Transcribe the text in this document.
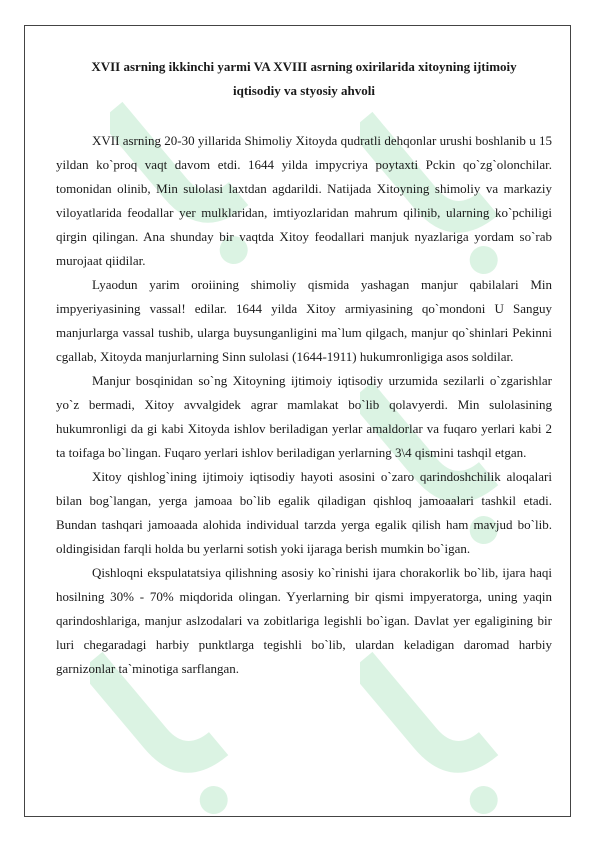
XVII asrning ikkinchi yarmi VA XVIII asrning oxirilarida xitoyning ijtimoiy
iqtisodiy va styosiy ahvoli

XVII asrning 20-30 yillarida Shimoliy Xitoyda qudratli dehqonlar urushi boshlanib u 15 yildan ko`proq vaqt davom etdi. 1644 yilda impycriya poytaxti Pckin qo`zg`olonchilar. tomonidan olinib, Min sulolasi laxtdan agdarildi. Natijada Xitoyning shimoliy va markaziy viloyatlarida feodallar yer mulklaridan, imtiyozlaridan mahrum qilinib, ularning ko`pchiligi qirgin qilingan. Ana shunday bir vaqtda Xitoy feodallari manjuk nyazlariga yordam so`rab murojaat qiidilar.

Lyaodun yarim oroiining shimoliy qismida yashagan manjur qabilalari Min impyeriyasining vassal! edilar. 1644 yilda Xitoy armiyasining qo`mondoni U Sanguy manjurlarga vassal tushib, ularga buysunganligini ma`lum qilgach, manjur qo`shinlari Pekinni cgallab, Xitoyda manjurlarning Sinn sulolasi (1644-1911) hukumronligiga asos soldilar.

Manjur bosqinidan so`ng Xitoyning ijtimoiy iqtisodiy urzumida sezilarli o`zgarishlar yo`z bermadi, Xitoy avvalgidek agrar mamlakat bo`lib qolavyerdi. Min sulolasining hukumronligi da gi kabi Xitoyda ishlov beriladigan yerlar amaldorlar va fuqaro yerlari kabi 2 ta toifaga bo`lingan. Fuqaro yerlari ishlov beriladigan yerlarning 3\4 qismini tashqil etgan.

Xitoy qishlog`ining ijtimoiy iqtisodiy hayoti asosini o`zaro qarindoshchilik aloqalari bilan bog`langan, yerga jamoaa bo`lib egalik qiladigan qishloq jamoaalari tashkil etadi. Bundan tashqari jamoaada alohida individual tarzda yerga egalik qilish ham mavjud bo`lib. oldingisidan farqli holda bu yerlarni sotish yoki ijaraga berish mumkin bo`igan.

Qishloqni ekspulatatsiya qilishning asosiy ko`rinishi ijara chorakorlik bo`lib, ijara haqi hosilning 30% - 70% miqdorida olingan. Yyerlarning bir qismi impyeratorga, uning yaqin qarindoshlariga, manjur aslzodalari va zobitlariga legishli bo`igan. Davlat yer egaligining bir luri chegaradagi harbiy punktlarga tegishli bo`lib, ulardan keladigan daromad harbiy garnizonlar ta`minotiga sarflangan.
